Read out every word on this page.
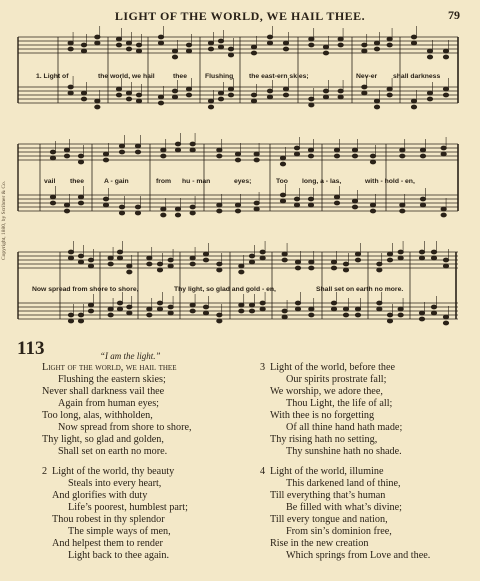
LIGHT OF THE WORLD, WE HAIL THEE.	79
Copyright, 1880, by Scribner & Co.
1. Light of	the world, we hail	thee	Flushing the east-ern skies;	Nev-er shall darkness
vail thee	A - gain	from hu - man	eyes;	Too long, a - las,	with - hold - en,
Now spread from shore to shore,	Thy light, so glad and gold - en,	Shall set on earth no more.
113	“I am the light.”
Light of the world, we hail thee
Flushing the eastern skies;
Never shall darkness vail thee
Again from human eyes;
Too long, alas, withholden,
Now spread from shore to shore,
Thy light, so glad and golden,
Shall set on earth no more.
2 Light of the world, thy beauty
Steals into every heart,
And glorifies with duty
Life’s poorest, humblest part;
Thou robest in thy splendor
The simple ways of men,
And helpest them to render
Light back to thee again.
3 Light of the world, before thee
Our spirits prostrate fall;
We worship, we adore thee,
Thou Light, the life of all;
With thee is no forgetting
Of all thine hand hath made;
Thy rising hath no setting,
Thy sunshine hath no shade.
4 Light of the world, illumine
This darkened land of thine,
Till everything that’s human
Be filled with what’s divine;
Till every tongue and nation,
From sin’s dominion free,
Rise in the new creation
Which springs from Love and thee.
